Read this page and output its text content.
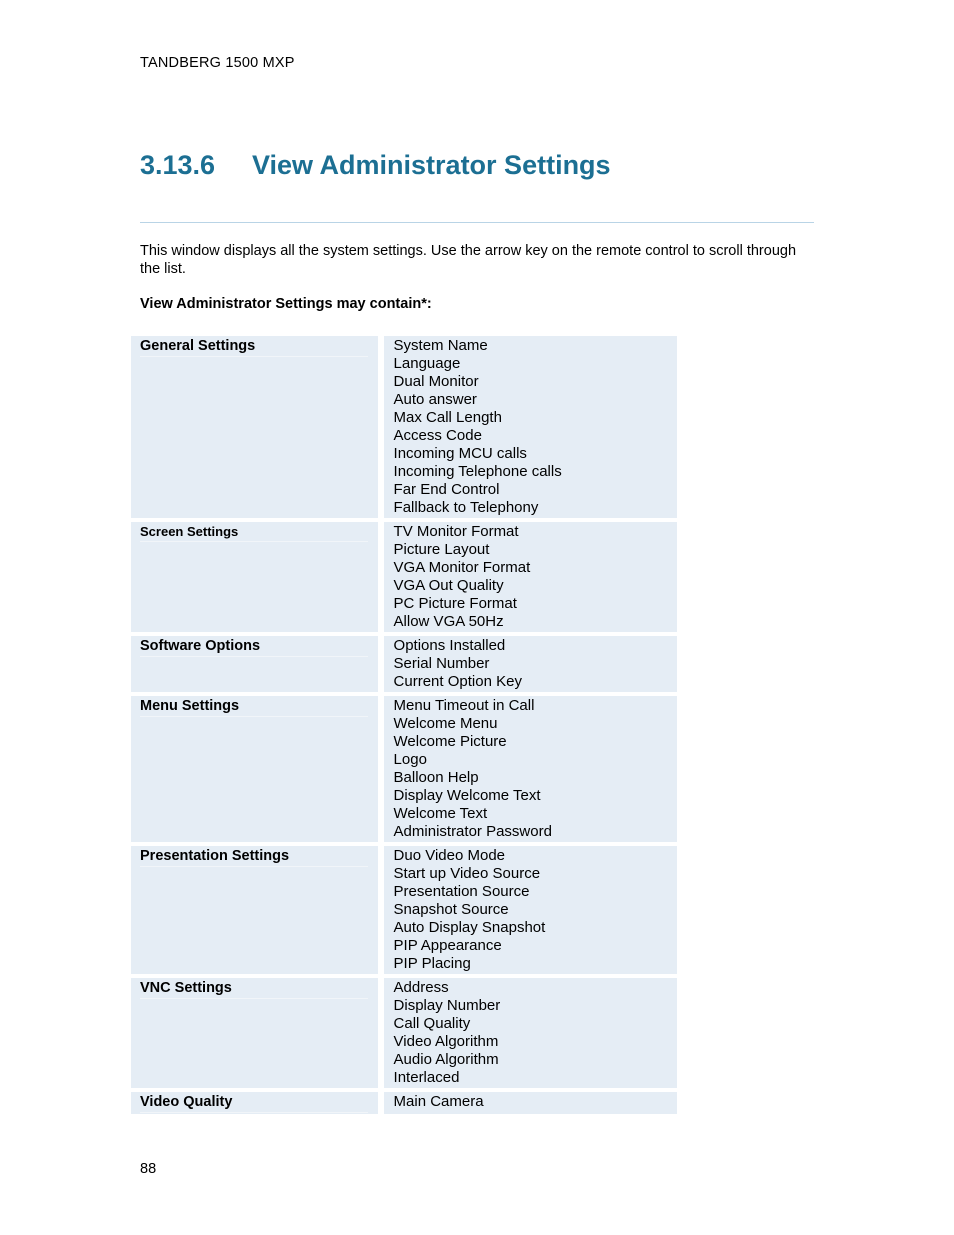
TANDBERG 1500 MXP
3.13.6 View Administrator Settings
This window displays all the system settings. Use the arrow key on the remote control to scroll through the list.
View Administrator Settings may contain*:
General Settings	System Name
Language
Dual Monitor
Auto answer
Max Call Length
Access Code
Incoming MCU calls
Incoming Telephone calls
Far End Control
Fallback to Telephony
Screen Settings	TV Monitor Format
Picture Layout
VGA Monitor Format
VGA Out Quality
PC Picture Format
Allow VGA 50Hz
Software Options	Options Installed
Serial Number
Current Option Key
Menu Settings	Menu Timeout in Call
Welcome Menu
Welcome Picture
Logo
Balloon Help
Display Welcome Text
Welcome Text
Administrator Password
Presentation Settings	Duo Video Mode
Start up Video Source
Presentation Source
Snapshot Source
Auto Display Snapshot
PIP Appearance
PIP Placing
VNC Settings	Address
Display Number
Call Quality
Video Algorithm
Audio Algorithm
Interlaced
Video Quality	Main Camera
88
